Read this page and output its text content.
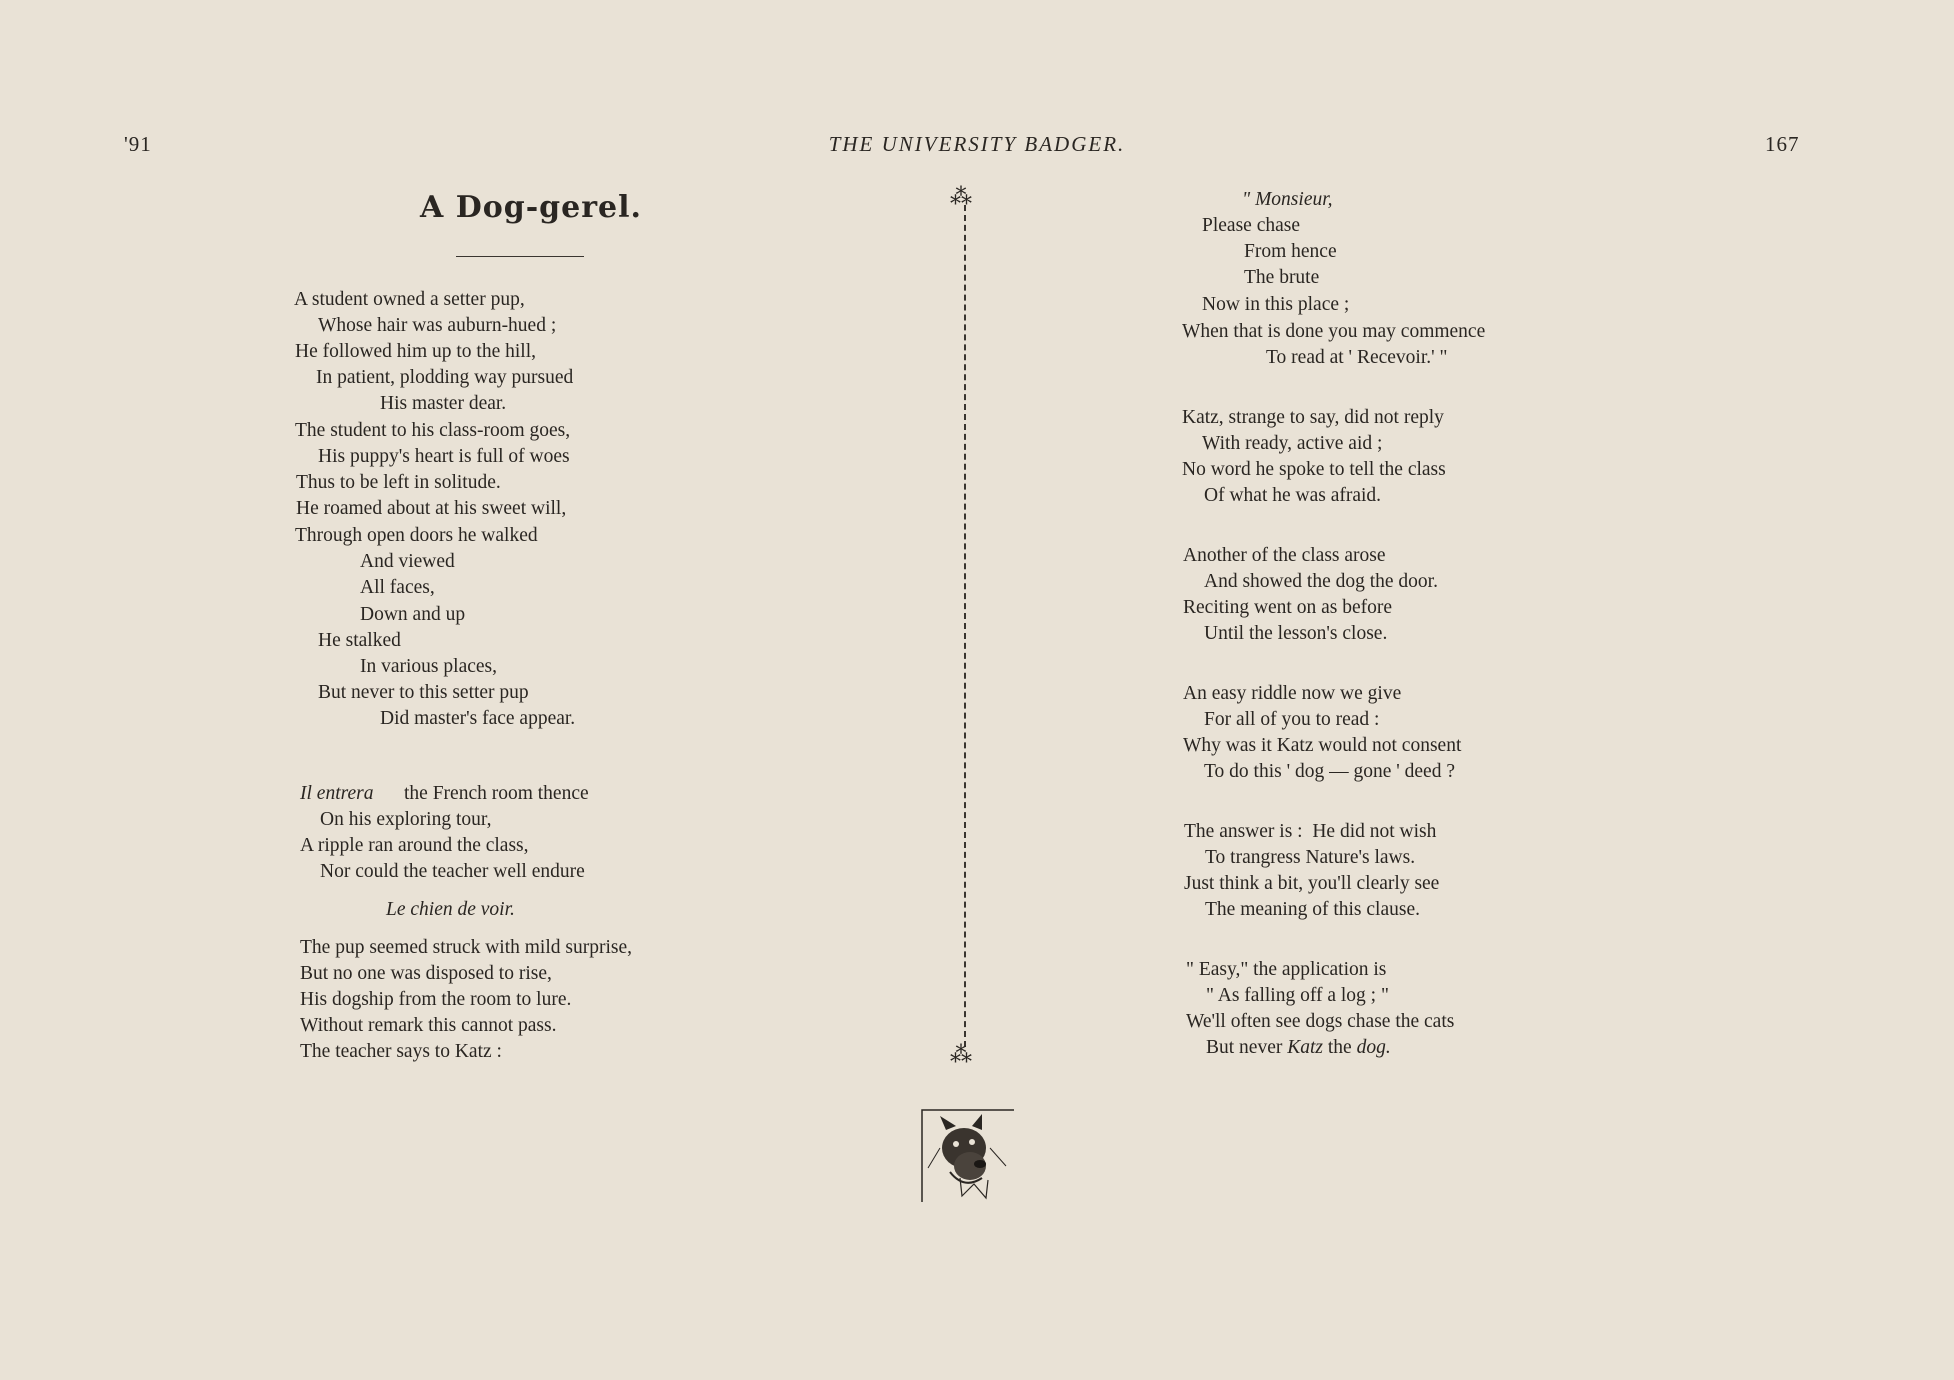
'91	THE UNIVERSITY BADGER.	167
A Dog-gerel.
A student owned a setter pup,
Whose hair was auburn-hued ;
He followed him up to the hill,
In patient, plodding way pursued
His master dear.
The student to his class-room goes,
His puppy's heart is full of woes
Thus to be left in solitude.
He roamed about at his sweet will,
Through open doors he walked
And viewed
All faces,
Down and up
He stalked
In various places,
But never to this setter pup
Did master's face appear.
Il entrera the French room thence
On his exploring tour,
A ripple ran around the class,
Nor could the teacher well endure
Le chien de voir.
The pup seemed struck with mild surprise,
But no one was disposed to rise,
His dogship from the room to lure.
Without remark this cannot pass.
The teacher says to Katz :
⁂
⁂
" Monsieur,
Please chase
From hence
The brute
Now in this place ;
When that is done you may commence
To read at ' Recevoir.' "
Katz, strange to say, did not reply
With ready, active aid ;
No word he spoke to tell the class
Of what he was afraid.
Another of the class arose
And showed the dog the door.
Reciting went on as before
Until the lesson's close.
An easy riddle now we give
For all of you to read :
Why was it Katz would not consent
To do this ' dog — gone ' deed ?
The answer is :  He did not wish
To trangress Nature's laws.
Just think a bit, you'll clearly see
The meaning of this clause.
" Easy," the application is
" As falling off a log ; "
We'll often see dogs chase the cats
But never Katz the dog.
